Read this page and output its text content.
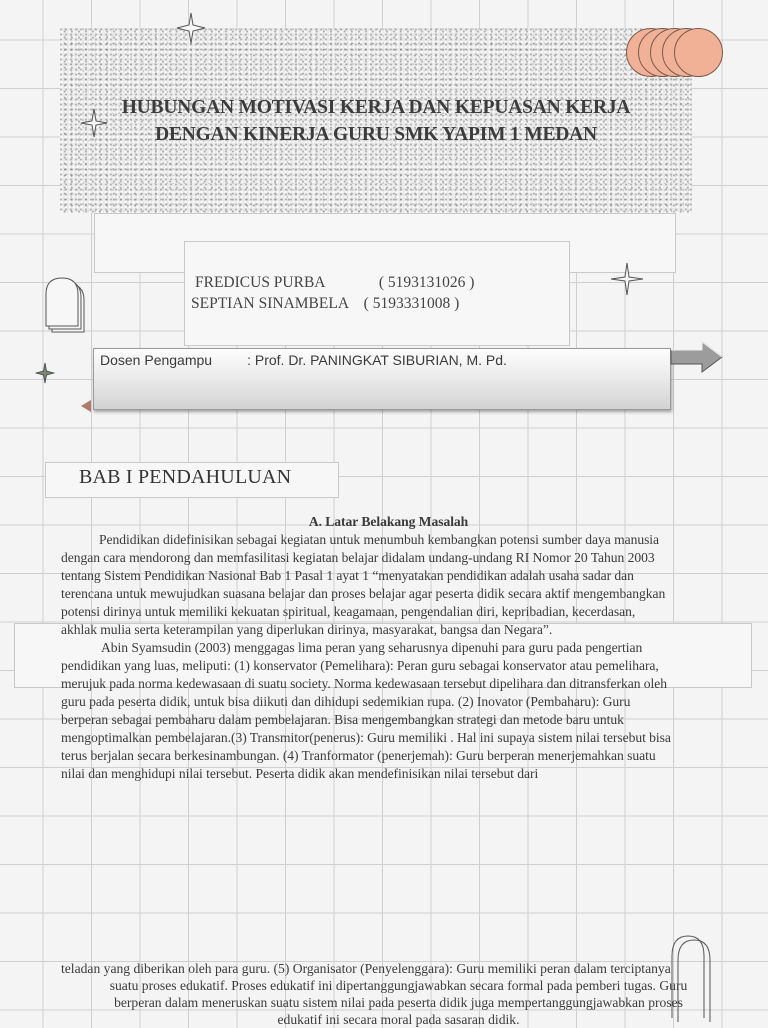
HUBUNGAN MOTIVASI KERJA DAN KEPUASAN KERJA
DENGAN KINERJA GURU SMK YAPIM 1 MEDAN
FREDICUS PURBA              ( 5193131026 )
SEPTIAN SINAMBELA    ( 5193331008 )
Dosen Pengampu         : Prof. Dr. PANINGKAT SIBURIAN, M. Pd.
BAB I PENDAHULUAN
A. Latar Belakang Masalah
Pendidikan didefinisikan sebagai kegiatan untuk menumbuh kembangkan potensi sumber daya manusia
dengan cara mendorong dan memfasilitasi kegiatan belajar didalam undang-undang RI Nomor 20 Tahun 2003
tentang Sistem Pendidikan Nasional Bab 1 Pasal 1 ayat 1 “menyatakan pendidikan adalah usaha sadar dan
terencana untuk mewujudkan suasana belajar dan proses belajar agar peserta didik secara aktif mengembangkan
potensi dirinya untuk memiliki kekuatan spiritual, keagamaan, pengendalian diri, kepribadian, kecerdasan,
akhlak mulia serta keterampilan yang diperlukan dirinya, masyarakat, bangsa dan Negara”.
Abin Syamsudin (2003) menggagas lima peran yang seharusnya dipenuhi para guru pada pengertian
pendidikan yang luas, meliputi: (1) konservator (Pemelihara): Peran guru sebagai konservator atau pemelihara,
merujuk pada norma kedewasaan di suatu society. Norma kedewasaan tersebut dipelihara dan ditransferkan oleh
guru pada peserta didik, untuk bisa diikuti dan dihidupi sedemikian rupa. (2) Inovator (Pembaharu): Guru
berperan sebagai pembaharu dalam pembelajaran. Bisa mengembangkan strategi dan metode baru untuk
mengoptimalkan pembelajaran.(3) Transmitor(penerus): Guru memiliki . Hal ini supaya sistem nilai tersebut bisa
terus berjalan secara berkesinambungan. (4) Tranformator (penerjemah): Guru berperan menerjemahkan suatu
nilai dan menghidupi nilai tersebut. Peserta didik akan mendefinisikan nilai tersebut dari
teladan yang diberikan oleh para guru. (5) Organisator (Penyelenggara): Guru memiliki peran dalam terciptanya
suatu proses edukatif. Proses edukatif ini dipertanggungjawabkan secara formal pada pemberi tugas. Guru
berperan dalam meneruskan suatu sistem nilai pada peserta didik juga mempertanggungjawabkan proses
edukatif ini secara moral pada sasaran didik.
